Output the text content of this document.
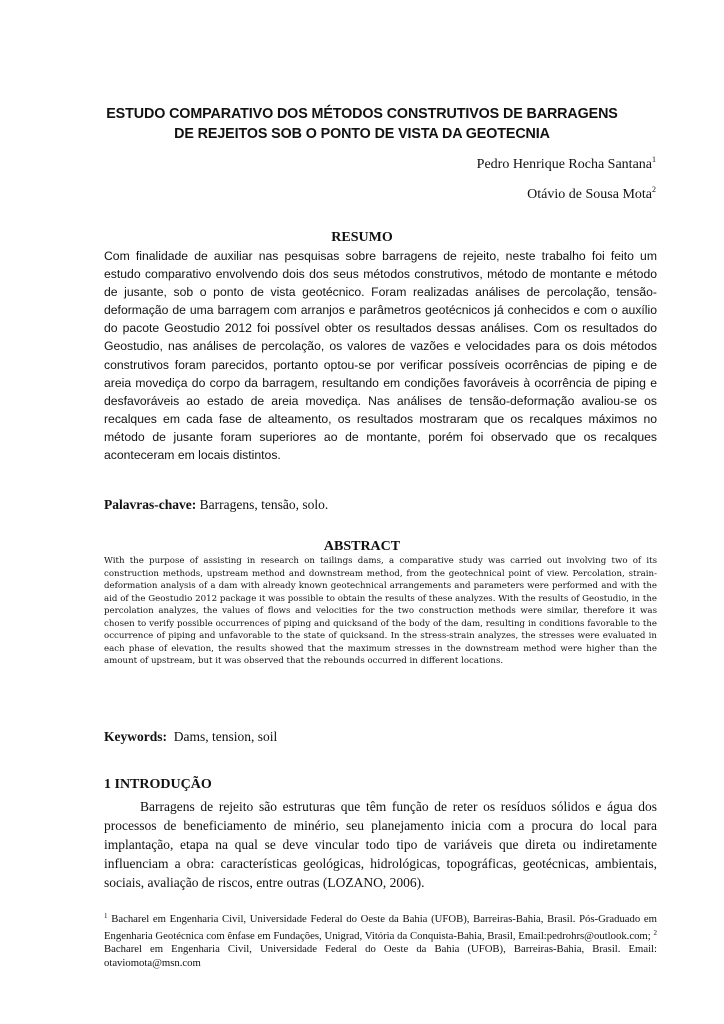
ESTUDO COMPARATIVO DOS MÉTODOS CONSTRUTIVOS DE BARRAGENS
DE REJEITOS SOB O PONTO DE VISTA DA GEOTECNIA
Pedro Henrique Rocha Santana$^1$
Otávio de Sousa Mota$^2$
RESUMO
Com finalidade de auxiliar nas pesquisas sobre barragens de rejeito, neste trabalho foi feito um estudo comparativo envolvendo dois dos seus métodos construtivos, método de montante e método de jusante, sob o ponto de vista geotécnico. Foram realizadas análises de percolação, tensão-deformação de uma barragem com arranjos e parâmetros geotécnicos já conhecidos e com o auxílio do pacote Geostudio 2012 foi possível obter os resultados dessas análises. Com os resultados do Geostudio, nas análises de percolação, os valores de vazões e velocidades para os dois métodos construtivos foram parecidos, portanto optou-se por verificar possíveis ocorrências de piping e de areia movediça do corpo da barragem, resultando em condições favoráveis à ocorrência de piping e desfavoráveis ao estado de areia movediça. Nas análises de tensão-deformação avaliou-se os recalques em cada fase de alteamento, os resultados mostraram que os recalques máximos no método de jusante foram superiores ao de montante, porém foi observado que os recalques aconteceram em locais distintos.
Palavras-chave: Barragens, tensão, solo.
ABSTRACT
With the purpose of assisting in research on tailings dams, a comparative study was carried out involving two of its construction methods, upstream method and downstream method, from the geotechnical point of view. Percolation, strain-deformation analysis of a dam with already known geotechnical arrangements and parameters were performed and with the aid of the Geostudio 2012 package it was possible to obtain the results of these analyzes. With the results of Geostudio, in the percolation analyzes, the values of flows and velocities for the two construction methods were similar, therefore it was chosen to verify possible occurrences of piping and quicksand of the body of the dam, resulting in conditions favorable to the occurrence of piping and unfavorable to the state of quicksand. In the stress-strain analyzes, the stresses were evaluated in each phase of elevation, the results showed that the maximum stresses in the downstream method were higher than the amount of upstream, but it was observed that the rebounds occurred in different locations.
Keywords: Dams, tension, soil
1 INTRODUÇÃO
Barragens de rejeito são estruturas que têm função de reter os resíduos sólidos e água dos processos de beneficiamento de minério, seu planejamento inicia com a procura do local para implantação, etapa na qual se deve vincular todo tipo de variáveis que direta ou indiretamente influenciam a obra: características geológicas, hidrológicas, topográficas, geotécnicas, ambientais, sociais, avaliação de riscos, entre outras (LOZANO, 2006).
$^1$ Bacharel em Engenharia Civil, Universidade Federal do Oeste da Bahia (UFOB), Barreiras-Bahia, Brasil. Pós-Graduado em Engenharia Geotécnica com ênfase em Fundações, Unigrad, Vitória da Conquista-Bahia, Brasil, Email:pedrohrs@outlook.com; $^2$ Bacharel em Engenharia Civil, Universidade Federal do Oeste da Bahia (UFOB), Barreiras-Bahia, Brasil. Email: otaviomota@msn.com
